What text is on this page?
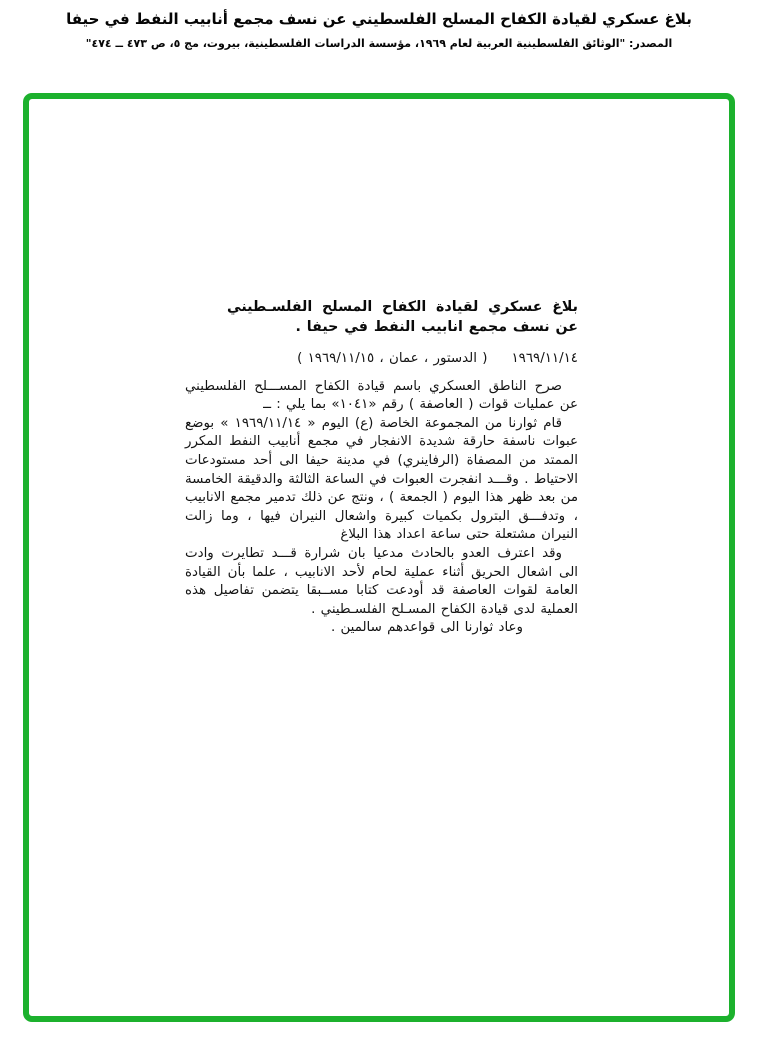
بلاغ عسكري لقيادة الكفاح المسلح الفلسطيني عن نسف مجمع أنابيب النفط في حيفا
المصدر: "الوثائق الفلسطينية العربية لعام ١٩٦٩، مؤسسة الدراسات الفلسطينية، بيروت، مج ٥، ص ٤٧٣ ــ ٤٧٤"
بلاغ عسكري لقيادة الكفاح المسلح الفلسـطيني عن نسف مجمع انابيب النفط في حيفا .
١٩٦٩/١١/١٤
( الدستور ، عمان ، ١٩٦٩/١١/١٥ )

صرح الناطق العسكري باسم قيادة الكفاح المســـلح الفلسطيني عن عمليات قوات ( العاصفة ) رقم «١٠٤١» بما يلي : ــ

قام ثوارنا من المجموعة الخاصة (ع) اليوم « ١٩٦٩/١١/١٤ » بوضع عبوات ناسفة حارقة شديدة الانفجار في مجمع أنابيب النفط المكرر الممتد من المصفاة (الرفاينري) في مدينة حيفا الى أحد مستودعات الاحتياط . وقـــد انفجرت العبوات في الساعة الثالثة والدقيقة الخامسة من بعد ظهر هذا اليوم ( الجمعة ) ، ونتج عن ذلك تدمير مجمع الانابيب ، وتدفـــق البترول بكميات كبيرة واشعال النيران فيها ، وما زالت النيران مشتعلة حتى ساعة اعداد هذا البلاغ

وقد اعترف العدو بالحادث مدعيا بان شرارة قـــد تطايرت وادت الى اشعال الحريق أثناء عملية لحام لأحد الانابيب ، علما بأن القيادة العامة لقوات العاصفة قد أودعت كتابا مســبقا يتضمن تفاصيل هذه العملية لدى قيادة الكفاح المسـلح الفلسـطيني .

وعاد ثوارنا الى قواعدهم سالمين .
